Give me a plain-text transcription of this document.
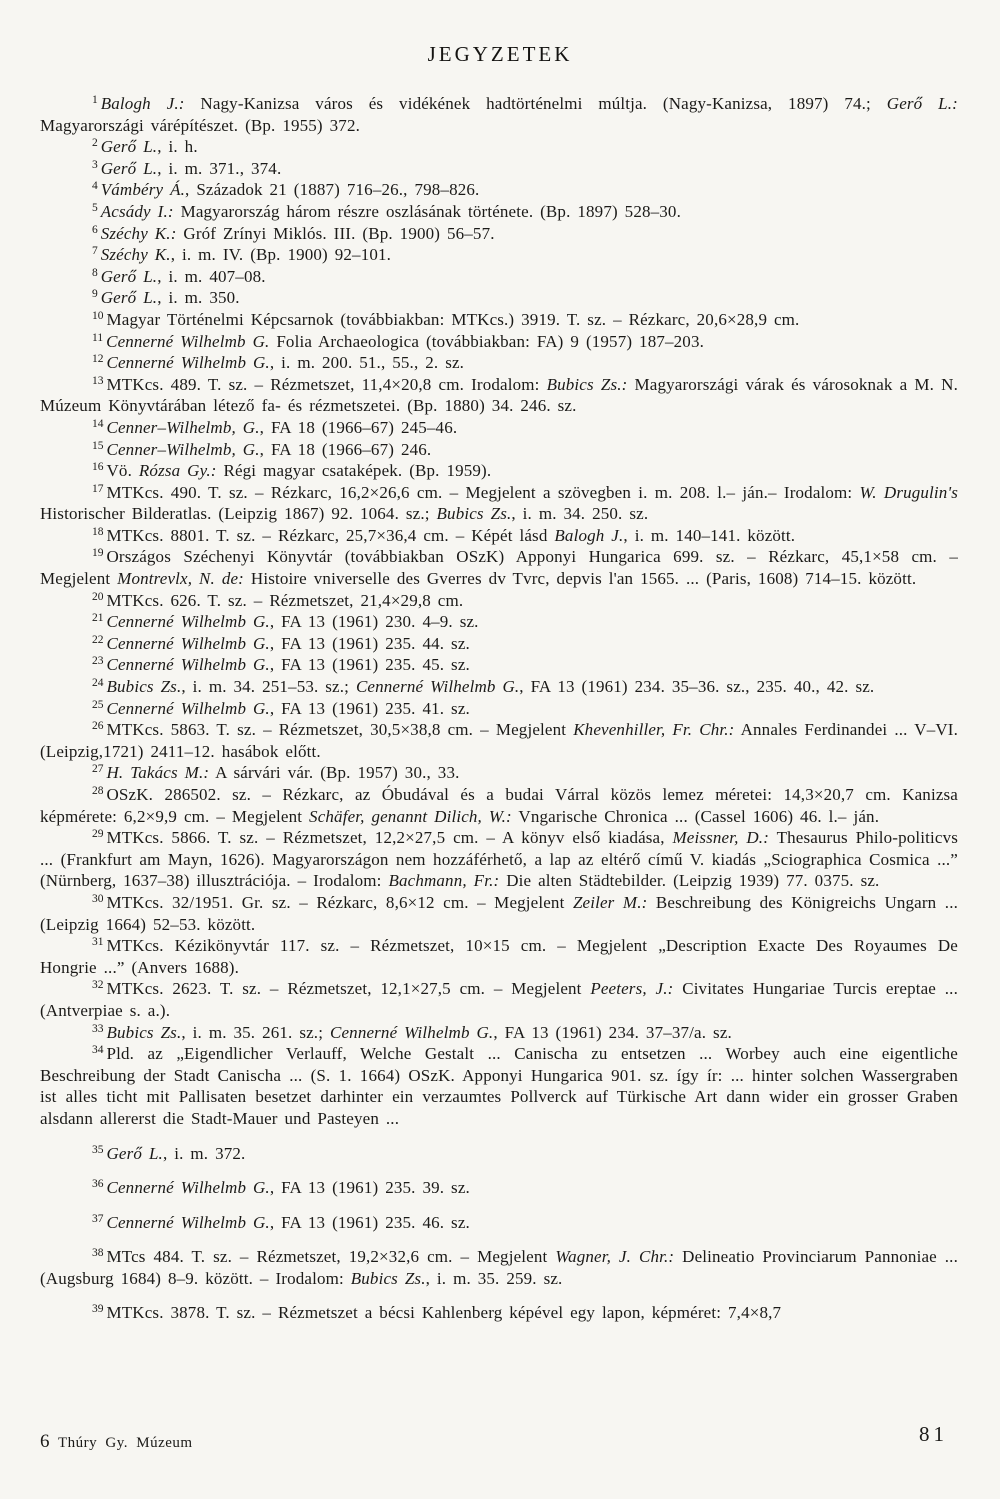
JEGYZETEK

$^1$ Balogh J.: Nagy-Kanizsa város és vidékének hadtörténelmi múltja. (Nagy-Kanizsa, 1897) 74.; Gerő L.: Magyarországi várépítészet. (Bp. 1955) 372.

$^2$ Gerő L., i. h.

$^3$ Gerő L., i. m. 371., 374.

$^4$ Vámbéry Á., Századok 21 (1887) 716–26., 798–826.

$^5$ Acsády I.: Magyarország három részre oszlásának története. (Bp. 1897) 528–30.

$^6$ Széchy K.: Gróf Zrínyi Miklós. III. (Bp. 1900) 56–57.

$^7$ Széchy K., i. m. IV. (Bp. 1900) 92–101.

$^8$ Gerő L., i. m. 407–08.

$^9$ Gerő L., i. m. 350.

$^{10}$ Magyar Történelmi Képcsarnok (továbbiakban: MTKcs.) 3919. T. sz. – Rézkarc, 20,6×28,9 cm.

$^{11}$ Cennerné Wilhelmb G. Folia Archaeologica (továbbiakban: FA) 9 (1957) 187–203.

$^{12}$ Cennerné Wilhelmb G., i. m. 200. 51., 55., 2. sz.

$^{13}$ MTKcs. 489. T. sz. – Rézmetszet, 11,4×20,8 cm. Irodalom: Bubics Zs.: Magyarországi várak és városoknak a M. N. Múzeum Könyvtárában létező fa- és rézmetszetei. (Bp. 1880) 34. 246. sz.

$^{14}$ Cenner–Wilhelmb, G., FA 18 (1966–67) 245–46.

$^{15}$ Cenner–Wilhelmb, G., FA 18 (1966–67) 246.

$^{16}$ Vö. Rózsa Gy.: Régi magyar csataképek. (Bp. 1959).

$^{17}$ MTKcs. 490. T. sz. – Rézkarc, 16,2×26,6 cm. – Megjelent a szövegben i. m. 208. l.– ján.– Irodalom: W. Drugulin's Historischer Bilderatlas. (Leipzig 1867) 92. 1064. sz.; Bubics Zs., i. m. 34. 250. sz.

$^{18}$ MTKcs. 8801. T. sz. – Rézkarc, 25,7×36,4 cm. – Képét lásd Balogh J., i. m. 140–141. között.

$^{19}$ Országos Széchenyi Könyvtár (továbbiakban OSzK) Apponyi Hungarica 699. sz. – Rézkarc, 45,1×58 cm. – Megjelent Montrevlx, N. de: Histoire vniverselle des Gverres dv Tvrc, depvis l'an 1565. ... (Paris, 1608) 714–15. között.

$^{20}$ MTKcs. 626. T. sz. – Rézmetszet, 21,4×29,8 cm.

$^{21}$ Cennerné Wilhelmb G., FA 13 (1961) 230. 4–9. sz.

$^{22}$ Cennerné Wilhelmb G., FA 13 (1961) 235. 44. sz.

$^{23}$ Cennerné Wilhelmb G., FA 13 (1961) 235. 45. sz.

$^{24}$ Bubics Zs., i. m. 34. 251–53. sz.; Cennerné Wilhelmb G., FA 13 (1961) 234. 35–36. sz., 235. 40., 42. sz.

$^{25}$ Cennerné Wilhelmb G., FA 13 (1961) 235. 41. sz.

$^{26}$ MTKcs. 5863. T. sz. – Rézmetszet, 30,5×38,8 cm. – Megjelent Khevenhiller, Fr. Chr.: Annales Ferdinandei ... V–VI. (Leipzig,1721) 2411–12. hasábok előtt.

$^{27}$ H. Takács M.: A sárvári vár. (Bp. 1957) 30., 33.

$^{28}$ OSzK. 286502. sz. – Rézkarc, az Óbudával és a budai Várral közös lemez méretei: 14,3×20,7 cm. Kanizsa képmérete: 6,2×9,9 cm. – Megjelent Schäfer, genannt Dilich, W.: Vngarische Chronica ... (Cassel 1606) 46. l.– ján.

$^{29}$ MTKcs. 5866. T. sz. – Rézmetszet, 12,2×27,5 cm. – A könyv első kiadása, Meissner, D.: Thesaurus Philo-politicvs ... (Frankfurt am Mayn, 1626). Magyarországon nem hozzáférhető, a lap az eltérő című V. kiadás „Sciographica Cosmica ...” (Nürnberg, 1637–38) illusztrációja. – Irodalom: Bachmann, Fr.: Die alten Städtebilder. (Leipzig 1939) 77. 0375. sz.

$^{30}$ MTKcs. 32/1951. Gr. sz. – Rézkarc, 8,6×12 cm. – Megjelent Zeiler M.: Beschreibung des Königreichs Ungarn ... (Leipzig 1664) 52–53. között.

$^{31}$ MTKcs. Kézikönyvtár 117. sz. – Rézmetszet, 10×15 cm. – Megjelent „Description Exacte Des Royaumes De Hongrie ...” (Anvers 1688).

$^{32}$ MTKcs. 2623. T. sz. – Rézmetszet, 12,1×27,5 cm. – Megjelent Peeters, J.: Civitates Hungariae Turcis ereptae ... (Antverpiae s. a.).

$^{33}$ Bubics Zs., i. m. 35. 261. sz.; Cennerné Wilhelmb G., FA 13 (1961) 234. 37–37/a. sz.

$^{34}$ Pld. az „Eigendlicher Verlauff, Welche Gestalt ... Canischa zu entsetzen ... Worbey auch eine eigentliche Beschreibung der Stadt Canischa ... (S. 1. 1664) OSzK. Apponyi Hungarica 901. sz. így ír: ... hinter solchen Wassergraben ist alles ticht mit Pallisaten besetzet darhinter ein verzaumtes Pollverck auf Türkische Art dann wider ein grosser Graben alsdann allererst die Stadt-Mauer und Pasteyen ...

$^{35}$ Gerő L., i. m. 372.

$^{36}$ Cennerné Wilhelmb G., FA 13 (1961) 235. 39. sz.

$^{37}$ Cennerné Wilhelmb G., FA 13 (1961) 235. 46. sz.

$^{38}$ MTcs 484. T. sz. – Rézmetszet, 19,2×32,6 cm. – Megjelent Wagner, J. Chr.: Delineatio Provinciarum Pannoniae ... (Augsburg 1684) 8–9. között. – Irodalom: Bubics Zs., i. m. 35. 259. sz.

$^{39}$ MTKcs. 3878. T. sz. – Rézmetszet a bécsi Kahlenberg képével egy lapon, képméret: 7,4×8,7

6 Thúry Gy. Múzeum	81
